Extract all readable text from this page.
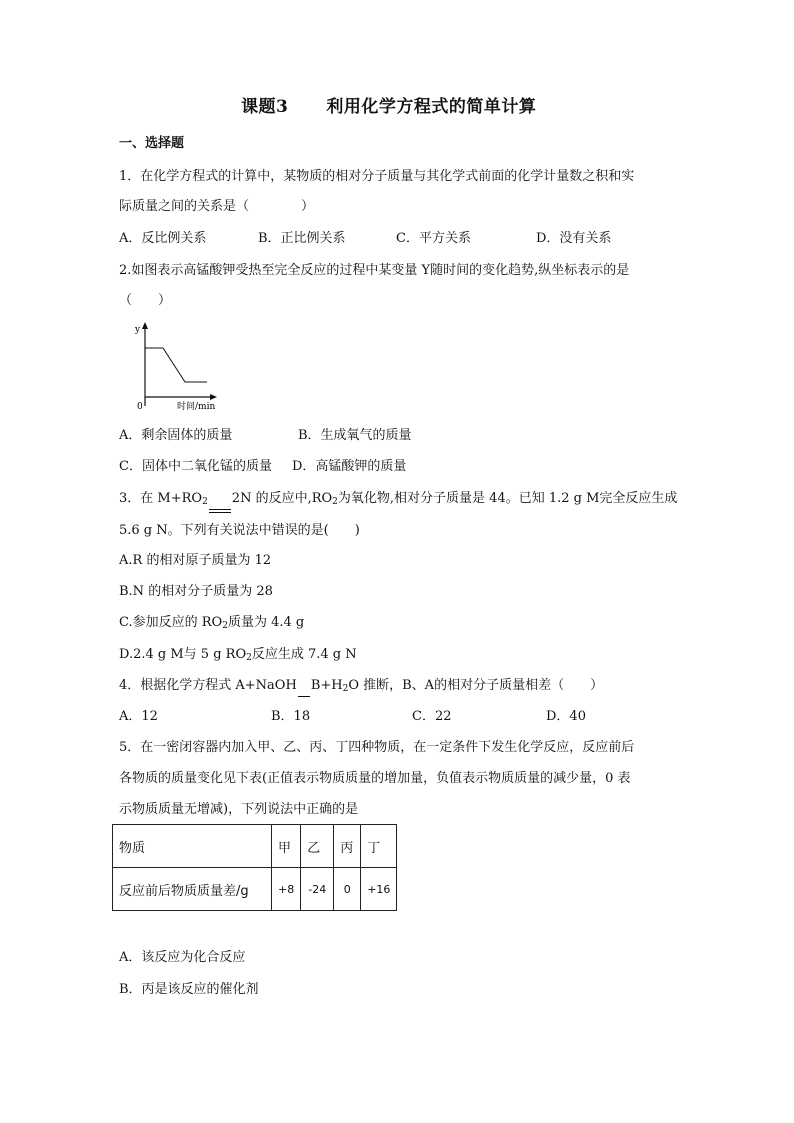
课题3 利用化学方程式的简单计算
一、选择题
1．在化学方程式的计算中，某物质的相对分子质量与其化学式前面的化学计量数之积和实
际质量之间的关系是（　　　　）
A．反比例关系	B．正比例关系	C．平方关系	D．没有关系
2.如图表示高锰酸钾受热至完全反应的过程中某变量 Y随时间的变化趋势,纵坐标表示的是
（　　）
y
0	时间/min
A．剩余固体的质量	B．生成氧气的质量
C．固体中二氧化锰的质量 D．高锰酸钾的质量
3．在 $M+RO_2$ 2N 的反应中$,RO_2$为氧化物,相对分子质量是 44。已知 1.2 g M完全反应生成
5.6 g N。下列有关说法中错误的是(　　)
A.R 的相对原子质量为 12
B.N 的相对分子质量为 28
C.参加反应的 $RO_2$质量为 4.4 g
D.2.4 g M与 5 g $RO_2$反应生成 7.4 g N
4．根据化学方程式 A+NaOH $B+H_2O$ 推断，B、A的相对分子质量相差（　　）
A．12	B．18	C．22	D．40
5．在一密闭容器内加入甲、乙、丙、丁四种物质，在一定条件下发生化学反应，反应前后
各物质的质量变化见下表(正值表示物质质量的增加量，负值表示物质质量的减少量，0 表
示物质质量无增减)，下列说法中正确的是
物质	甲	乙	丙	丁
反应前后物质质量差/g	+8	-24	0	+16
A．该反应为化合反应
B．丙是该反应的催化剂
